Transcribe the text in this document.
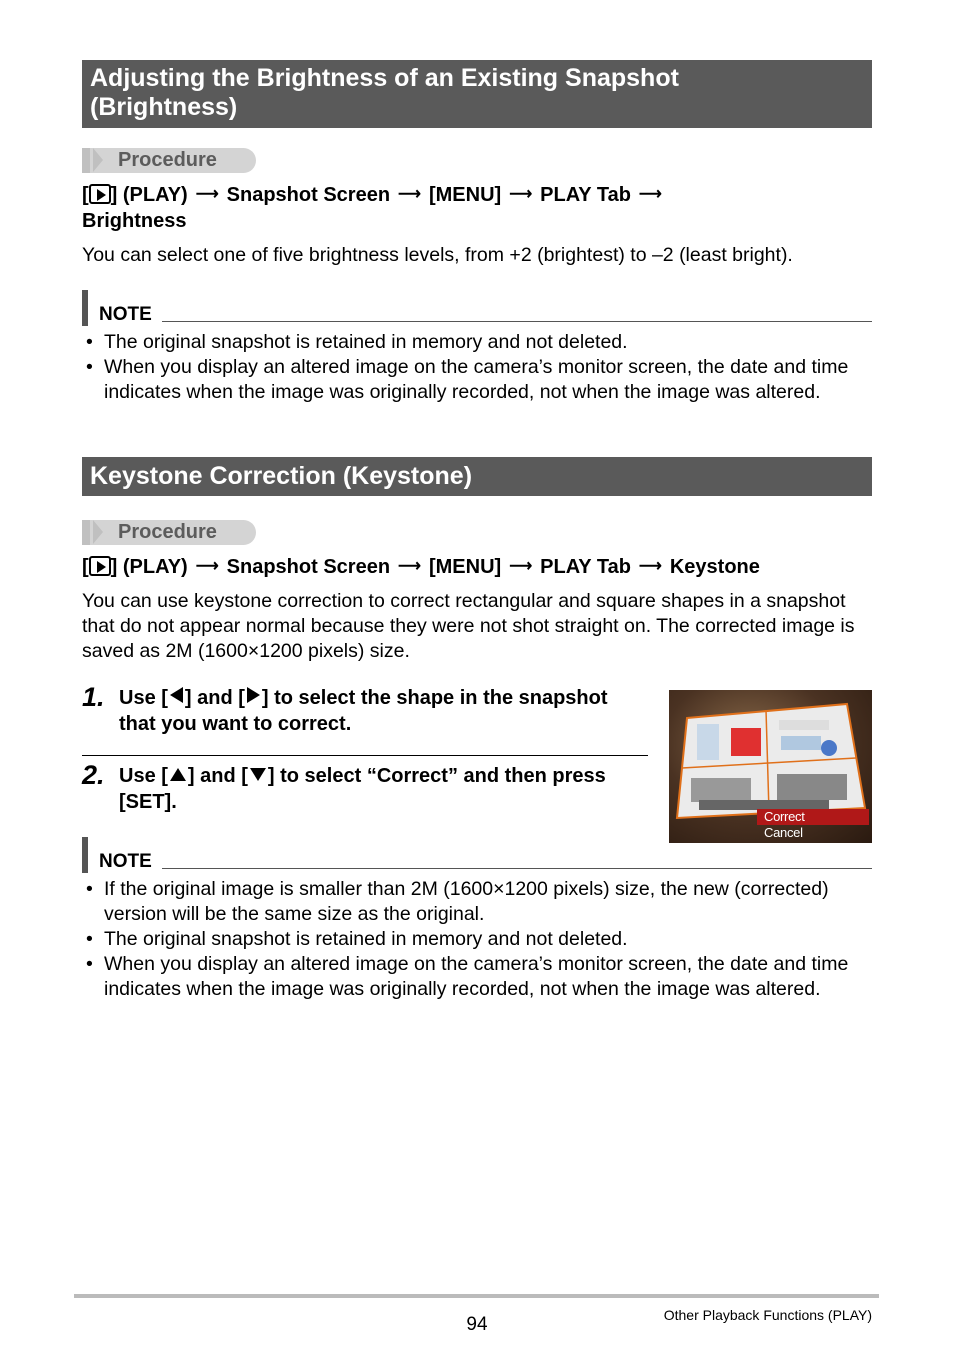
Adjusting the Brightness of an Existing Snapshot
(Brightness)
Procedure
[ ] (PLAY) ⟶ Snapshot Screen ⟶ [MENU] ⟶ PLAY Tab ⟶
Brightness
You can select one of five brightness levels, from +2 (brightest) to –2 (least bright).
NOTE
• The original snapshot is retained in memory and not deleted.
• When you display an altered image on the camera’s monitor screen, the date and time indicates when the image was originally recorded, not when the image was altered.
Keystone Correction (Keystone)
Procedure
[ ] (PLAY) ⟶ Snapshot Screen ⟶ [MENU] ⟶ PLAY Tab ⟶ Keystone
You can use keystone correction to correct rectangular and square shapes in a snapshot that do not appear normal because they were not shot straight on. The corrected image is saved as 2M (1600×1200 pixels) size.
1. Use [ ] and [ ] to select the shape in the snapshot that you want to correct.
2. Use [ ] and [ ] to select “Correct” and then press [SET].
Correct
Cancel
NOTE
• If the original image is smaller than 2M (1600×1200 pixels) size, the new (corrected) version will be the same size as the original.
• The original snapshot is retained in memory and not deleted.
• When you display an altered image on the camera’s monitor screen, the date and time indicates when the image was originally recorded, not when the image was altered.
94	Other Playback Functions (PLAY)
